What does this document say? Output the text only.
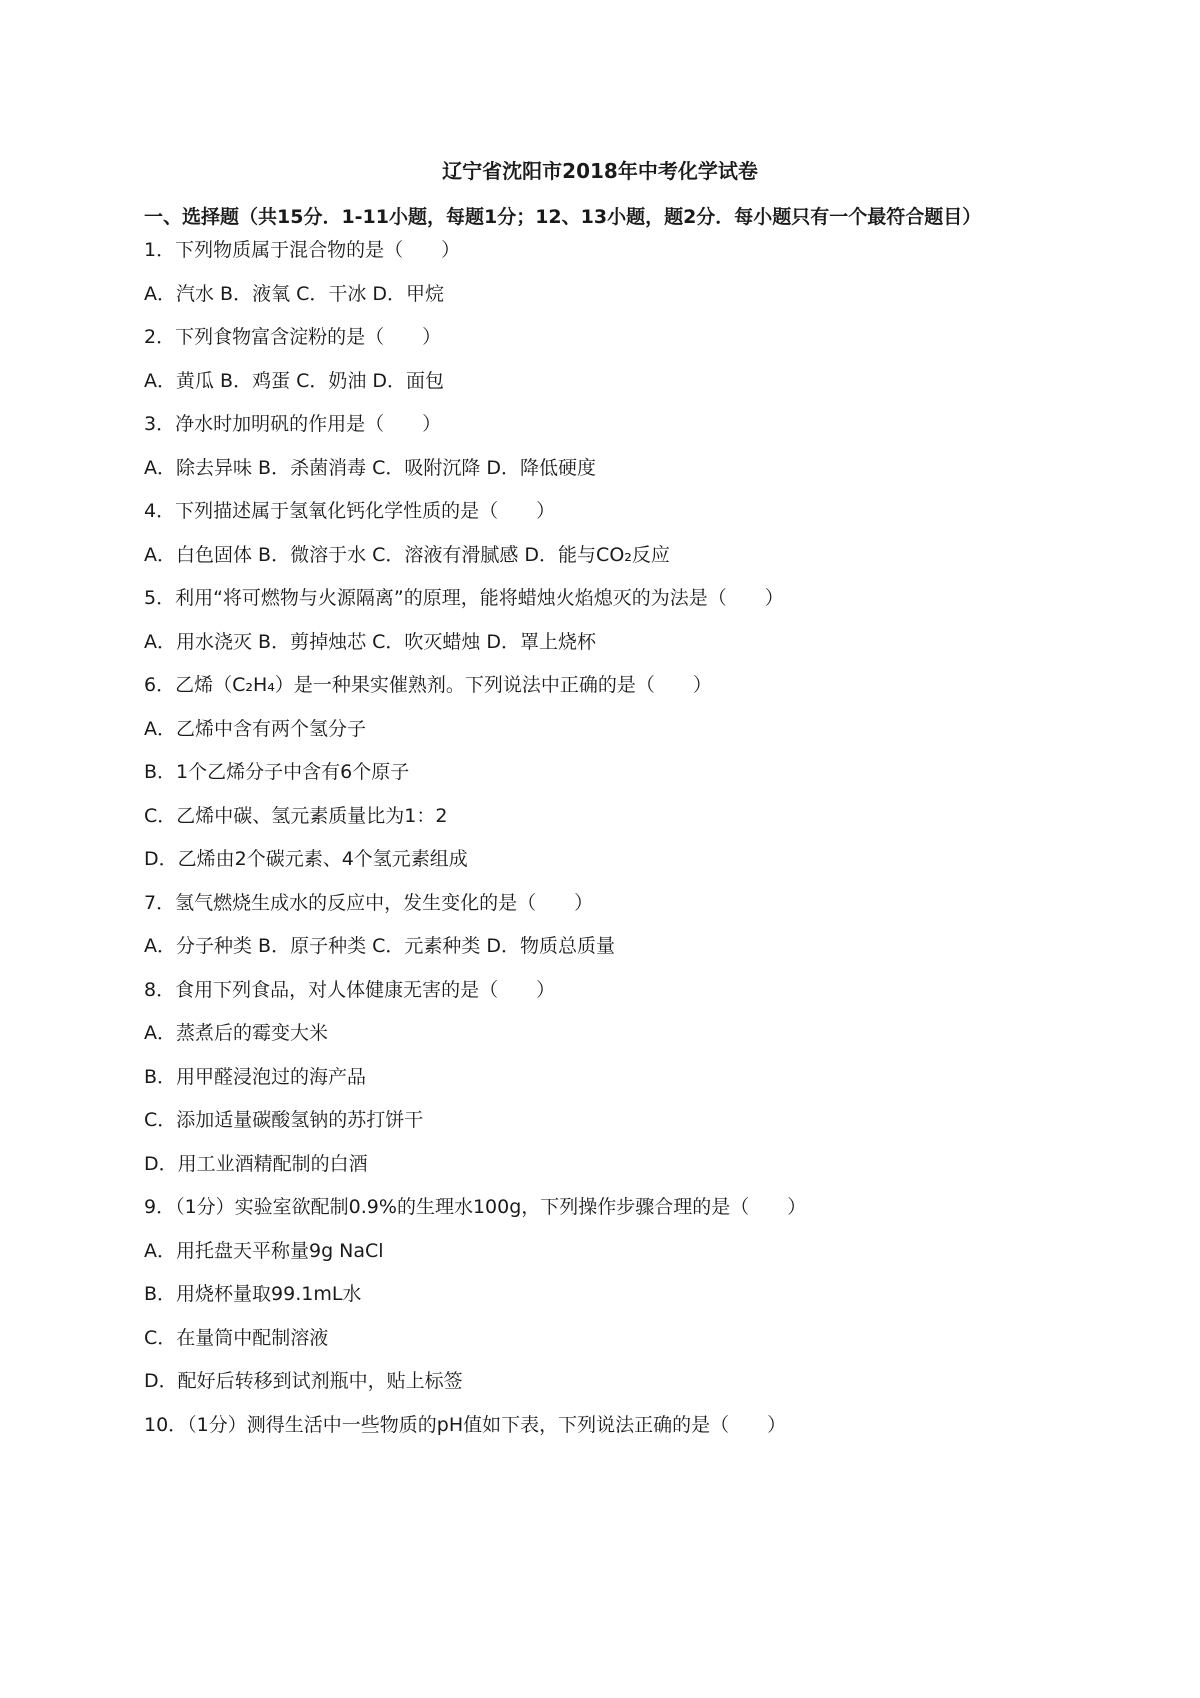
辽宁省沈阳市2018年中考化学试卷
一、选择题（共15分．1-11小题，每题1分；12、13小题，题2分．每小题只有一个最符合题目）
1．下列物质属于混合物的是（　　）
A．汽水 B．液氧 C．干冰 D．甲烷
2．下列食物富含淀粉的是（　　）
A．黄瓜 B．鸡蛋 C．奶油 D．面包
3．净水时加明矾的作用是（　　）
A．除去异味 B．杀菌消毒 C．吸附沉降 D．降低硬度
4．下列描述属于氢氧化钙化学性质的是（　　）
A．白色固体 B．微溶于水 C．溶液有滑腻感 D．能与CO₂反应
5．利用“将可燃物与火源隔离”的原理，能将蜡烛火焰熄灭的为法是（　　）
A．用水浇灭 B．剪掉烛芯 C．吹灭蜡烛 D．罩上烧杯
6．乙烯（C₂H₄）是一种果实催熟剂。下列说法中正确的是（　　）
A．乙烯中含有两个氢分子
B．1个乙烯分子中含有6个原子
C．乙烯中碳、氢元素质量比为1：2
D．乙烯由2个碳元素、4个氢元素组成
7．氢气燃烧生成水的反应中，发生变化的是（　　）
A．分子种类 B．原子种类 C．元素种类 D．物质总质量
8．食用下列食品，对人体健康无害的是（　　）
A．蒸煮后的霉变大米
B．用甲醛浸泡过的海产品
C．添加适量碳酸氢钠的苏打饼干
D．用工业酒精配制的白酒
9．（1分）实验室欲配制0.9%的生理水100g，下列操作步骤合理的是（　　）
A．用托盘天平称量9g NaCl
B．用烧杯量取99.1mL水
C．在量筒中配制溶液
D．配好后转移到试剂瓶中，贴上标签
10．（1分）测得生活中一些物质的pH值如下表，下列说法正确的是（　　）
